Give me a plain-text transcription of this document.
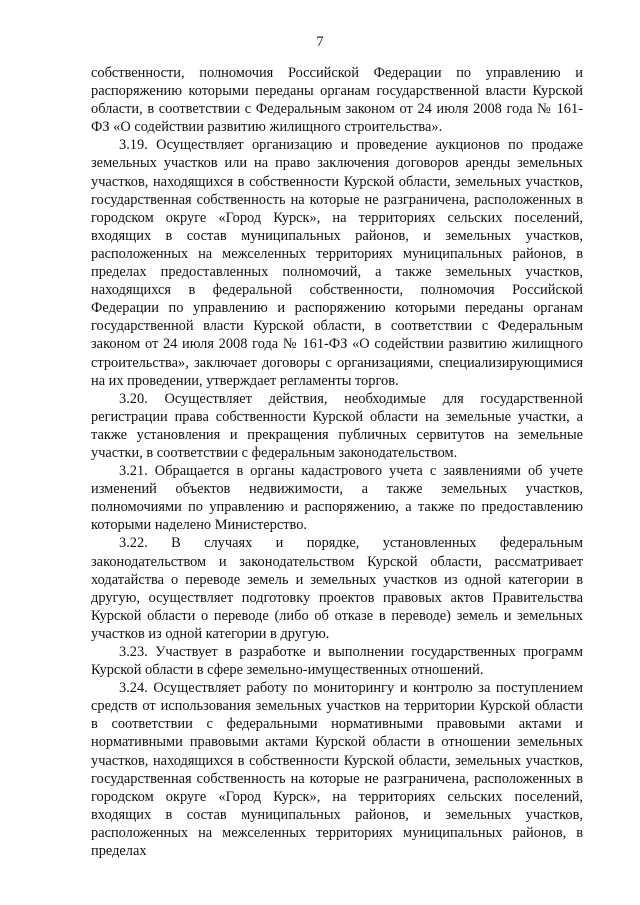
7

собственности, полномочия Российской Федерации по управлению и распоряжению которыми переданы органам государственной власти Курской области, в соответствии с Федеральным законом от 24 июля 2008 года № 161-ФЗ «О содействии развитию жилищного строительства».

3.19. Осуществляет организацию и проведение аукционов по продаже земельных участков или на право заключения договоров аренды земельных участков, находящихся в собственности Курской области, земельных участков, государственная собственность на которые не разграничена, расположенных в городском округе «Город Курск», на территориях сельских поселений, входящих в состав муниципальных районов, и земельных участков, расположенных на межселенных территориях муниципальных районов, в пределах предоставленных полномочий, а также земельных участков, находящихся в федеральной собственности, полномочия Российской Федерации по управлению и распоряжению которыми переданы органам государственной власти Курской области, в соответствии с Федеральным законом от 24 июля 2008 года № 161-ФЗ «О содействии развитию жилищного строительства», заключает договоры с организациями, специализирующимися на их проведении, утверждает регламенты торгов.

3.20. Осуществляет действия, необходимые для государственной регистрации права собственности Курской области на земельные участки, а также установления и прекращения публичных сервитутов на земельные участки, в соответствии с федеральным законодательством.

3.21. Обращается в органы кадастрового учета с заявлениями об учете изменений объектов недвижимости, а также земельных участков, полномочиями по управлению и распоряжению, а также по предоставлению которыми наделено Министерство.

3.22. В случаях и порядке, установленных федеральным законодательством и законодательством Курской области, рассматривает ходатайства о переводе земель и земельных участков из одной категории в другую, осуществляет подготовку проектов правовых актов Правительства Курской области о переводе (либо об отказе в переводе) земель и земельных участков из одной категории в другую.

3.23. Участвует в разработке и выполнении государственных программ Курской области в сфере земельно-имущественных отношений.

3.24. Осуществляет работу по мониторингу и контролю за поступлением средств от использования земельных участков на территории Курской области в соответствии с федеральными нормативными правовыми актами и нормативными правовыми актами Курской области в отношении земельных участков, находящихся в собственности Курской области, земельных участков, государственная собственность на которые не разграничена, расположенных в городском округе «Город Курск», на территориях сельских поселений, входящих в состав муниципальных районов, и земельных участков, расположенных на межселенных территориях муниципальных районов, в пределах
